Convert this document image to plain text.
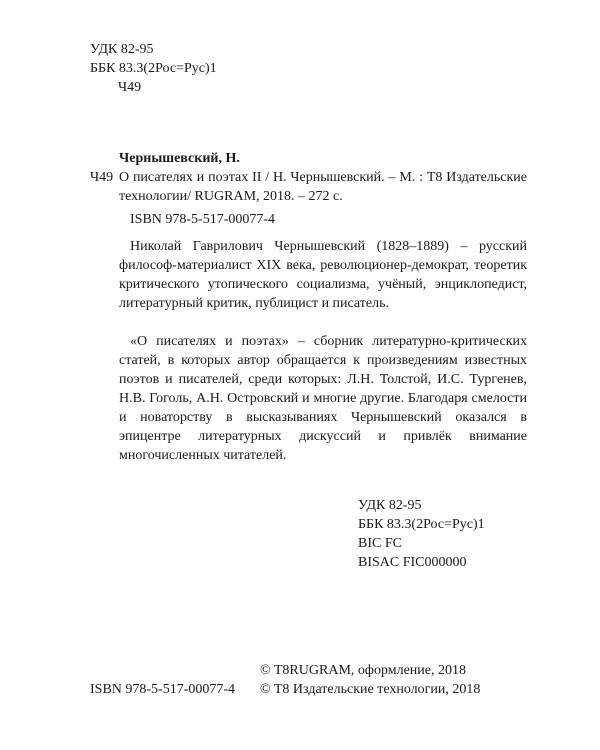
УДК 82-95
ББК 83.3(2Рос=Рус)1
Ч49
Чернышевский, Н.
Ч49 О писателях и поэтах II / Н. Чернышевский. – М. : Т8 Издательские технологии/ RUGRAM, 2018. – 272 с.
ISBN 978-5-517-00077-4

Николай Гаврилович Чернышевский (1828–1889) – русский философ-материалист XIX века, революционер-демократ, теоретик критического утопического социализма, учёный, энциклопедист, литературный критик, публицист и писатель.

«О писателях и поэтах» – сборник литературно-критических статей, в которых автор обращается к произведениям известных поэтов и писателей, среди которых: Л.Н. Толстой, И.С. Тургенев, Н.В. Гоголь, А.Н. Островский и многие другие. Благодаря смелости и новаторству в высказываниях Чернышевский оказался в эпицентре литературных дискуссий и привлёк внимание многочисленных читателей.

УДК 82-95
ББК 83.3(2Рос=Рус)1
BIC FC
BISAC FIC000000
© T8RUGRAM, оформление, 2018
© T8 Издательские технологии, 2018
ISBN 978-5-517-00077-4
